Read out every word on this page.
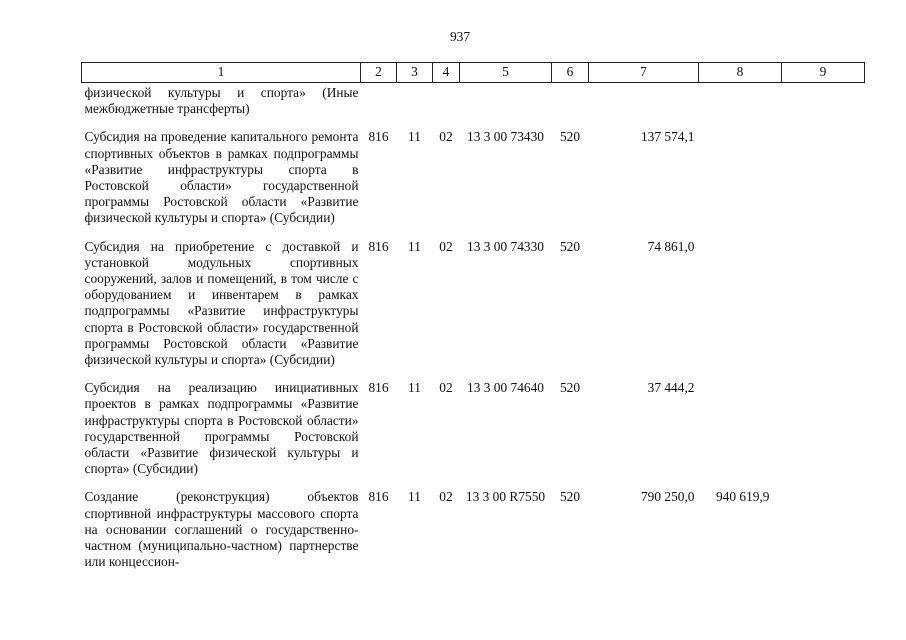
937
1	2	3	4	5	6	7	8	9
физической культуры и спорта» (Иные межбюджетные трансферты)								

Субсидия на проведение капитального ремонта спортивных объектов в рамках подпрограммы «Развитие инфраструктуры спорта в Ростовской области» государственной программы Ростовской области «Развитие физической культуры и спорта» (Субсидии)	816	11	02	13 3 00 73430	520	137 574,1		

Субсидия на приобретение с доставкой и установкой модульных спортивных сооружений, залов и помещений, в том числе с оборудованием и инвентарем в рамках подпрограммы «Развитие инфраструктуры спорта в Ростовской области» государственной программы Ростовской области «Развитие физической культуры и спорта» (Субсидии)	816	11	02	13 3 00 74330	520	74 861,0		

Субсидия на реализацию инициативных проектов в рамках подпрограммы «Развитие инфраструктуры спорта в Ростовской области» государственной программы Ростовской области «Развитие физической культуры и спорта» (Субсидии)	816	11	02	13 3 00 74640	520	37 444,2		

Создание (реконструкция) объектов спортивной инфраструктуры массового спорта на основании соглашений о государственно-частном (муниципально-частном) партнерстве или концессион-	816	11	02	13 3 00 R7550	520	790 250,0	940 619,9	
